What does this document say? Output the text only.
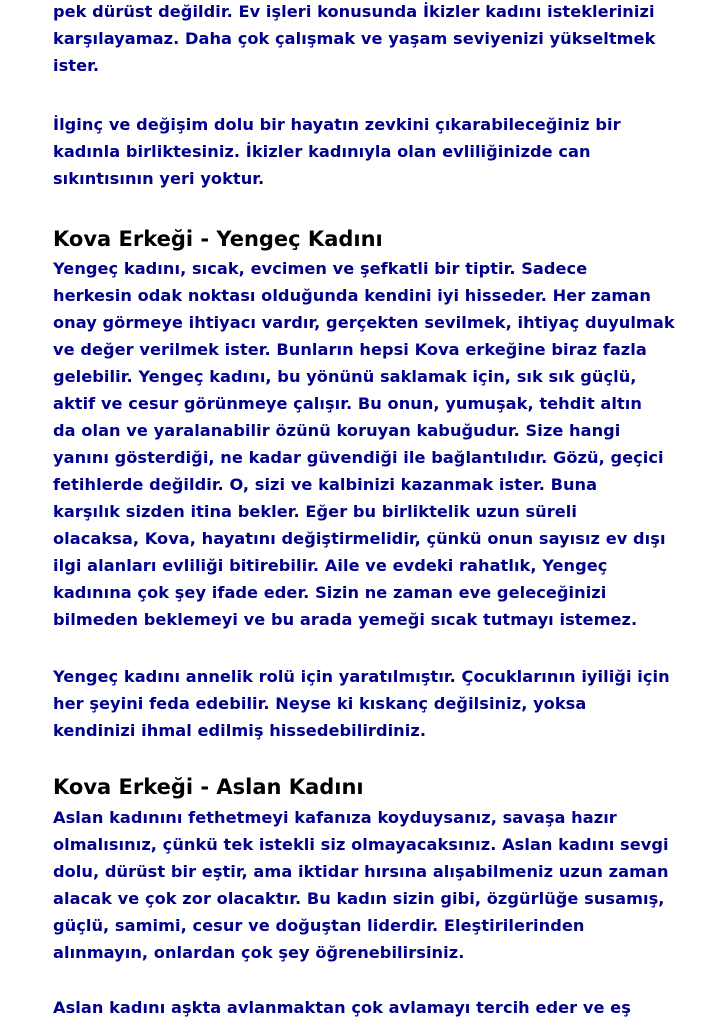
pek dürüst değildir. Ev işleri konusunda İkizler kadını isteklerinizi
karşılayamaz. Daha çok çalışmak ve yaşam seviyenizi yükseltmek
ister.

İlginç ve değişim dolu bir hayatın zevkini çıkarabileceğiniz bir
kadınla birliktesiniz. İkizler kadınıyla olan evliliğinizde can
sıkıntısının yeri yoktur.

Kova Erkeği - Yengeç Kadını

Yengeç kadını, sıcak, evcimen ve şefkatli bir tiptir. Sadece
herkesin odak noktası olduğunda kendini iyi hisseder. Her zaman
onay görmeye ihtiyacı vardır, gerçekten sevilmek, ihtiyaç duyulmak
ve değer verilmek ister. Bunların hepsi Kova erkeğine biraz fazla
gelebilir. Yengeç kadını, bu yönünü saklamak için, sık sık güçlü,
aktif ve cesur görünmeye çalışır. Bu onun, yumuşak, tehdit altın
da olan ve yaralanabilir özünü koruyan kabuğudur. Size hangi
yanını gösterdiği, ne kadar güvendiği ile bağlantılıdır. Gözü, geçici
fetihlerde değildir. O, sizi ve kalbinizi kazanmak ister. Buna
karşılık sizden itina bekler. Eğer bu birliktelik uzun süreli
olacaksa, Kova, hayatını değiştirmelidir, çünkü onun sayısız ev dışı
ilgi alanları evliliği bitirebilir. Aile ve evdeki rahatlık, Yengeç
kadınına çok şey ifade eder. Sizin ne zaman eve geleceğinizi
bilmeden beklemeyi ve bu arada yemeği sıcak tutmayı istemez.

Yengeç kadını annelik rolü için yaratılmıştır. Çocuklarının iyiliği için
her şeyini feda edebilir. Neyse ki kıskanç değilsiniz, yoksa
kendinizi ihmal edilmiş hissedebilirdiniz.

Kova Erkeği - Aslan Kadını

Aslan kadınını fethetmeyi kafanıza koyduysanız, savaşa hazır
olmalısınız, çünkü tek istekli siz olmayacaksınız. Aslan kadını sevgi
dolu, dürüst bir eştir, ama iktidar hırsına alışabilmeniz uzun zaman
alacak ve çok zor olacaktır. Bu kadın sizin gibi, özgürlüğe susamış,
güçlü, samimi, cesur ve doğuştan liderdir. Eleştirilerinden
alınmayın, onlardan çok şey öğrenebilirsiniz.

Aslan kadını aşkta avlanmaktan çok avlamayı tercih eder ve eş
